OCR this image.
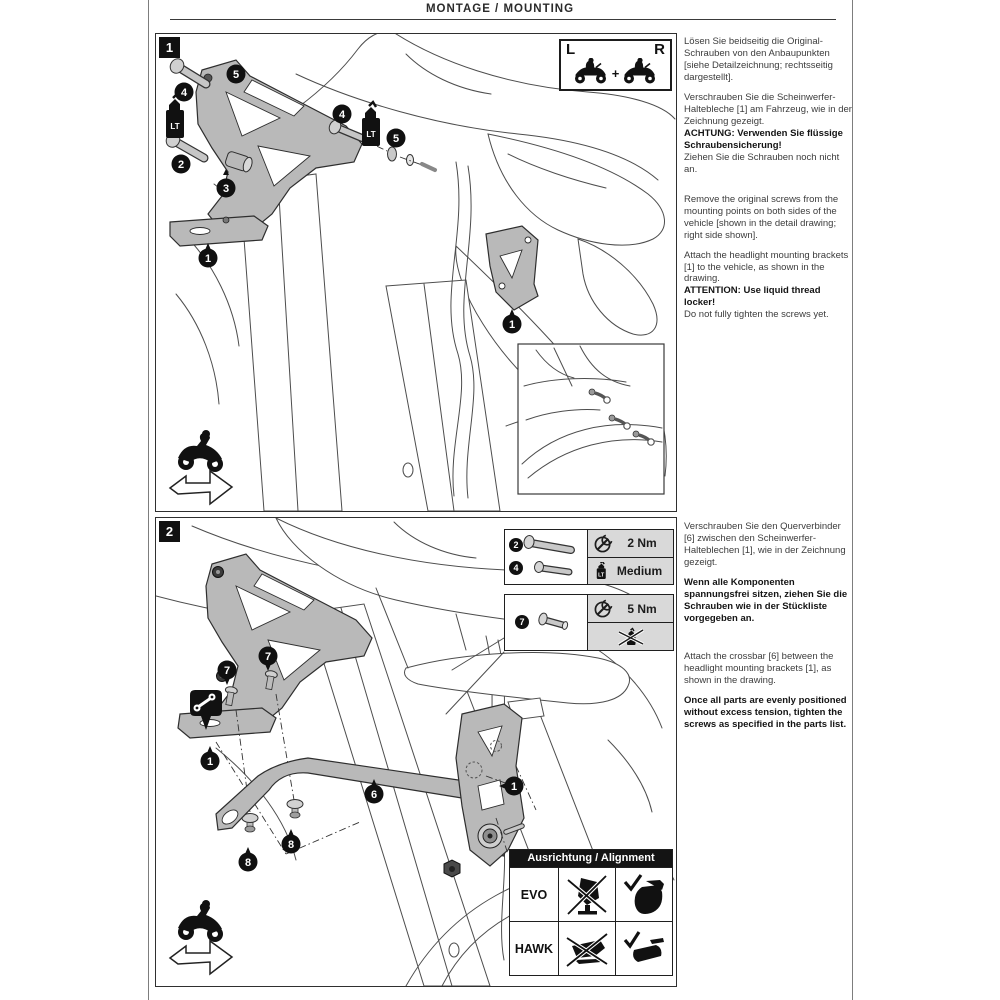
MONTAGE / MOUNTING
LT
LT
4
5
2
3
4
5
1
1
1	L
+
R Lösen Sie beidseitig die Original-Schrauben von den Anbaupunkten [siehe Detailzeichnung; rechtsseitig dargestellt].

Verschrauben Sie die Scheinwerfer-Haltebleche [1] am Fahrzeug, wie in der Zeichnung gezeigt.

ACHTUNG: Verwenden Sie flüssige Schraubensicherung!

Ziehen Sie die Schrauben noch nicht an.

Remove the original screws from the mounting points on both sides of the vehicle [shown in the detail drawing; right side shown].

Attach the headlight mounting brackets [1] to the vehicle, as shown in the drawing.

ATTENTION: Use liquid thread locker!

Do not fully tighten the screws yet.

7
7
1
6
1
8
8
2
2
4
2 Nm
LT	Medium
7
5 Nm
Ausrichtung / Alignment
EVO
HAWK

Verschrauben Sie den Querverbinder [6] zwischen den Scheinwerfer-Halteblechen [1], wie in der Zeichnung gezeigt.

Wenn alle Komponenten spannungsfrei sitzen, ziehen Sie die Schrauben wie in der Stückliste vorgegeben an.

Attach the crossbar [6] between the headlight mounting brackets [1], as shown in the drawing.

Once all parts are evenly positioned without excess tension, tighten the screws as specified in the parts list.
